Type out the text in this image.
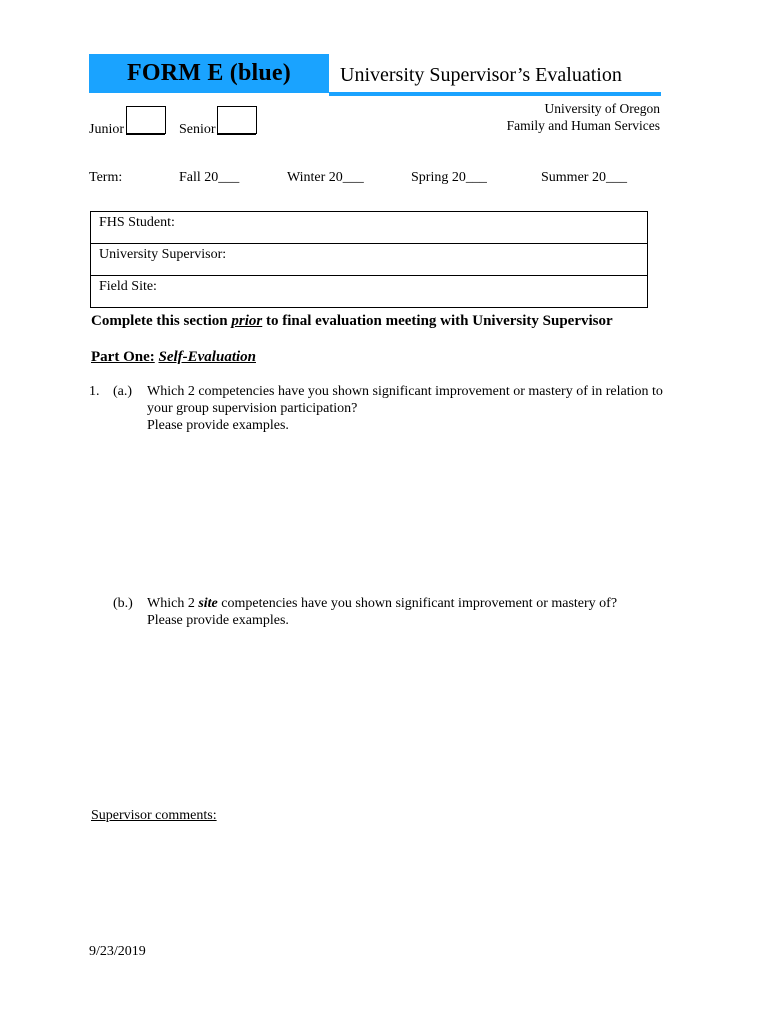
FORM E (blue) University Supervisor’s Evaluation
University of Oregon
Family and Human Services
Junior	Senior
Term:	Fall 20___	Winter 20___	Spring 20___	Summer 20___
FHS Student:
University Supervisor:
Field Site:
Complete this section prior to final evaluation meeting with University Supervisor
Part One: Self-Evaluation
1. (a.) Which 2 competencies have you shown significant improvement or mastery of in relation to
your group supervision participation?
Please provide examples.
(b.) Which 2 site competencies have you shown significant improvement or mastery of?
Please provide examples.
Supervisor comments:
9/23/2019
